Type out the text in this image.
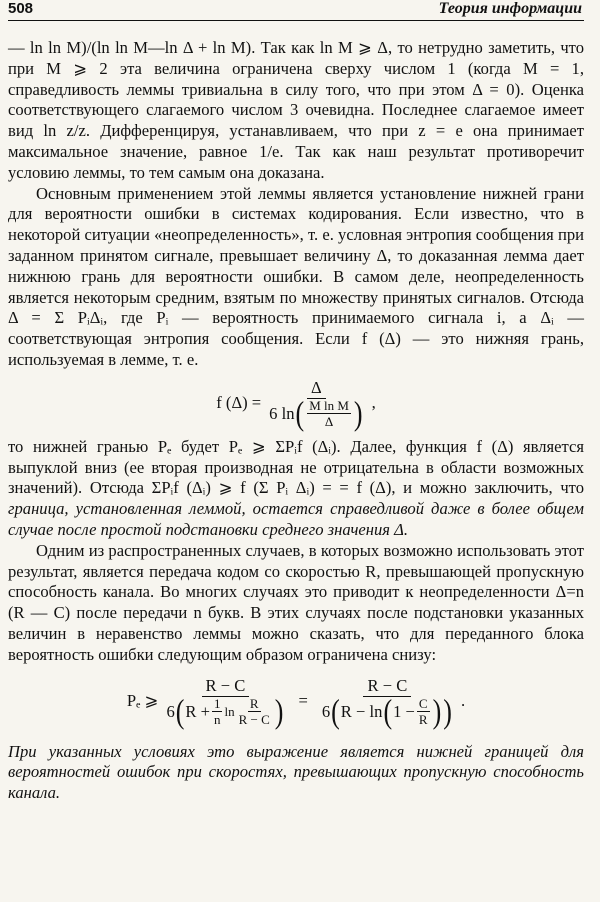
508	Теория информации

— ln ln M)/(ln ln M—ln Δ + ln M). Так как ln M ⩾ Δ, то нетрудно заметить, что при M ⩾ 2 эта величина ограничена сверху числом 1 (когда M = 1, справедливость леммы тривиальна в силу того, что при этом Δ = 0). Оценка соответствующего слагаемого числом 3 очевидна. Последнее слагаемое имеет вид ln z/z. Дифференцируя, устанавливаем, что при z = e она принимает максимальное значение, равное 1/e. Так как наш результат противоречит условию леммы, то тем самым она доказана.

Основным применением этой леммы является установление нижней грани для вероятности ошибки в системах кодирования. Если известно, что в некоторой ситуации «неопределенность», т. е. условная энтропия сообщения при заданном принятом сигнале, превышает величину Δ, то доказанная лемма дает нижнюю грань для вероятности ошибки. В самом деле, неопределенность является некоторым средним, взятым по множеству принятых сигналов. Отсюда Δ = Σ PᵢΔᵢ, где Pᵢ — вероятность принимаемого сигнала i, а Δᵢ — соответствующая энтропия сообщения. Если f (Δ) — это нижняя грань, используемая в лемме, т. е.

f (Δ) =
Δ
6 ln ( $\frac{\text{M ln M}}{\Delta}$ ) ,

то нижней гранью Pₑ будет Pₑ ⩾ ΣPᵢf (Δᵢ). Далее, функция f (Δ) является выпуклой вниз (ее вторая производная не отрицательна в области возможных значений). Отсюда ΣPᵢf (Δᵢ) ⩾ f (Σ Pᵢ Δᵢ) = = f (Δ), и можно заключить, что граница, установленная леммой, остается справедливой даже в более общем случае после простой подстановки среднего значения Δ.

Одним из распространенных случаев, в которых возможно использовать этот результат, является передача кодом со скоростью R, превышающей пропускную способность канала. Во многих случаях это приводит к неопределенности Δ=n (R — C) после передачи n букв. В этих случаях после подстановки указанных величин в неравенство леммы можно сказать, что для переданного блока вероятность ошибки следующим образом ограничена снизу:

Pₑ ⩾
R − C
6 ( $R + \frac{1}{n}$ $\ln \frac{R}{R - C}$ ) =
R − C
6 ( R − ln ( $1 - \frac{C}{R}$ ) ) .

При указанных условиях это выражение является нижней границей для вероятностей ошибок при скоростях, превышающих пропускную способность канала.
